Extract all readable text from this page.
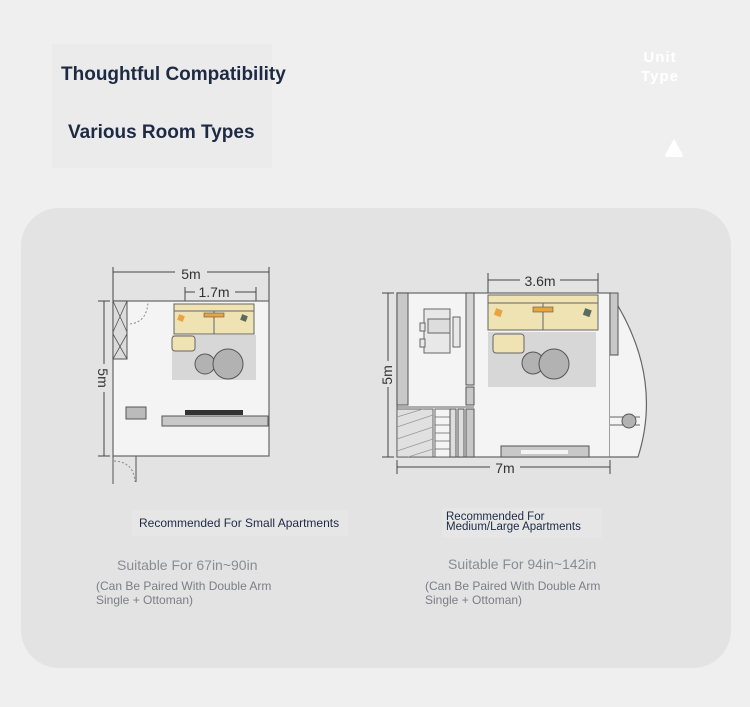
Thoughtful Compatibility
Various Room Types
Unit
Type
5m
1.7m
5m
3.6m
5m
7m
Recommended For Small Apartments
Suitable For 67in~90in
(Can Be Paired With Double Arm
Single + Ottoman)
Recommended For
Medium/Large Apartments
Suitable For 94in~142in
(Can Be Paired With Double Arm
Single + Ottoman)
